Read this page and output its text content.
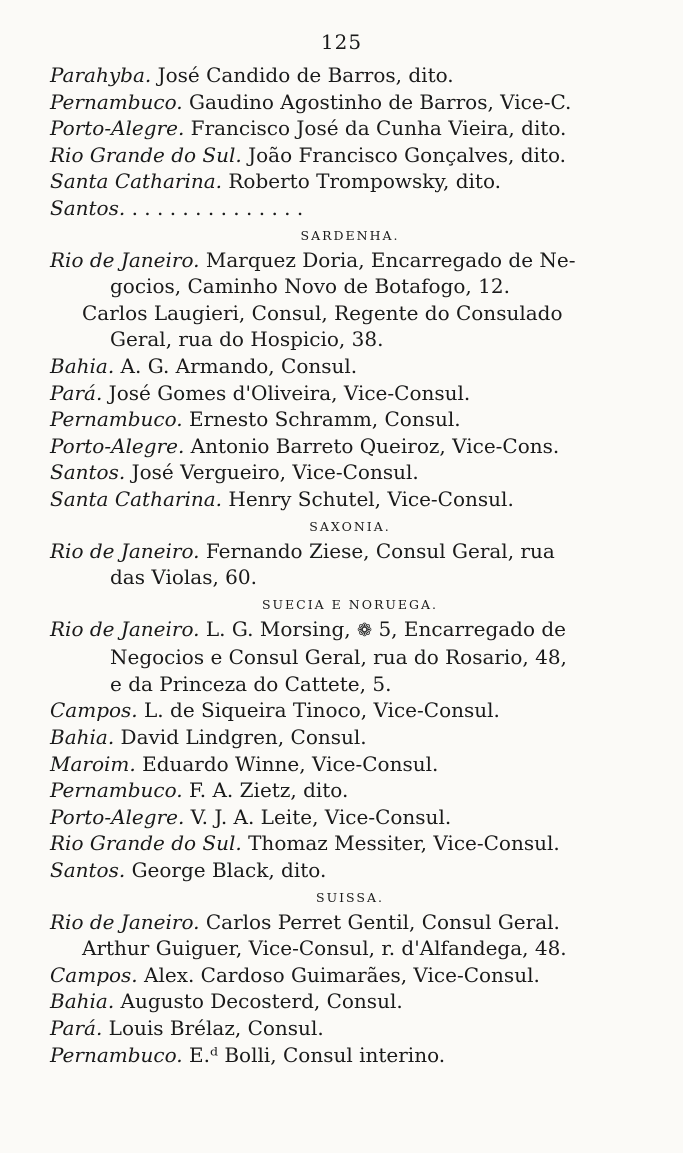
125
Parahyba. José Candido de Barros, dito.
Pernambuco. Gaudino Agostinho de Barros, Vice-C.
Porto-Alegre. Francisco José da Cunha Vieira, dito.
Rio Grande do Sul. João Francisco Gonçalves, dito.
Santa Catharina. Roberto Trompowsky, dito.
Santos. . . . . . . . . . . . . . .
SARDENHA.
Rio de Janeiro. Marquez Doria, Encarregado de Ne-
gocios, Caminho Novo de Botafogo, 12.
Carlos Laugieri, Consul, Regente do Consulado
Geral, rua do Hospicio, 38.
Bahia. A. G. Armando, Consul.
Pará. José Gomes d'Oliveira, Vice-Consul.
Pernambuco. Ernesto Schramm, Consul.
Porto-Alegre. Antonio Barreto Queiroz, Vice-Cons.
Santos. José Vergueiro, Vice-Consul.
Santa Catharina. Henry Schutel, Vice-Consul.
SAXONIA.
Rio de Janeiro. Fernando Ziese, Consul Geral, rua
das Violas, 60.
SUECIA E NORUEGA.
Rio de Janeiro. L. G. Morsing, ❁ 5, Encarregado de
Negocios e Consul Geral, rua do Rosario, 48,
e da Princeza do Cattete, 5.
Campos. L. de Siqueira Tinoco, Vice-Consul.
Bahia. David Lindgren, Consul.
Maroim. Eduardo Winne, Vice-Consul.
Pernambuco. F. A. Zietz, dito.
Porto-Alegre. V. J. A. Leite, Vice-Consul.
Rio Grande do Sul. Thomaz Messiter, Vice-Consul.
Santos. George Black, dito.
SUISSA.
Rio de Janeiro. Carlos Perret Gentil, Consul Geral.
Arthur Guiguer, Vice-Consul, r. d'Alfandega, 48.
Campos. Alex. Cardoso Guimarães, Vice-Consul.
Bahia. Augusto Decosterd, Consul.
Pará. Louis Brélaz, Consul.
Pernambuco. E.ᵈ Bolli, Consul interino.
